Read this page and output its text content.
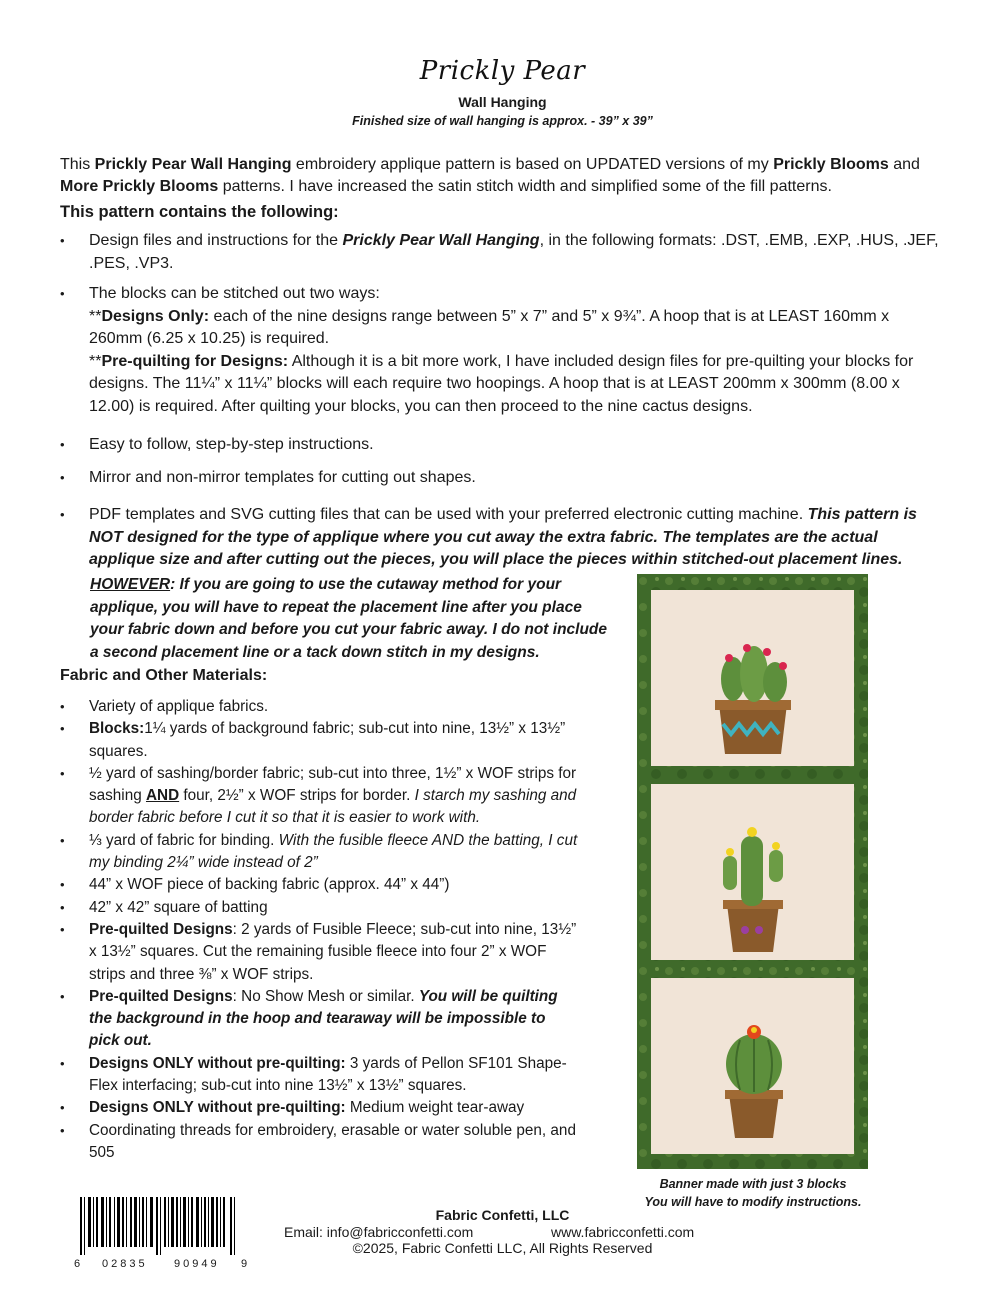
Prickly Pear
Wall Hanging
Finished size of wall hanging is approx. - 39” x 39”
This Prickly Pear Wall Hanging embroidery applique pattern is based on UPDATED versions of my Prickly Blooms and More Prickly Blooms patterns. I have increased the satin stitch width and simplified some of the fill patterns.
This pattern contains the following:
• Design files and instructions for the Prickly Pear Wall Hanging, in the following formats: .DST, .EMB, .EXP, .HUS, .JEF, .PES, .VP3.
• The blocks can be stitched out two ways:
**Designs Only: each of the nine designs range between 5” x 7” and 5” x 9¾”. A hoop that is at LEAST 160mm x 260mm (6.25 x 10.25) is required.
**Pre-quilting for Designs: Although it is a bit more work, I have included design files for pre-quilting your blocks for designs. The 11¼” x 11¼” blocks will each require two hoopings. A hoop that is at LEAST 200mm x 300mm (8.00 x 12.00) is required. After quilting your blocks, you can then proceed to the nine cactus designs.
• Easy to follow, step-by-step instructions.
• Mirror and non-mirror templates for cutting out shapes.
• PDF templates and SVG cutting files that can be used with your preferred electronic cutting machine. This pattern is NOT designed for the type of applique where you cut away the extra fabric. The templates are the actual applique size and after cutting out the pieces, you will place the pieces within stitched-out placement lines.
HOWEVER: If you are going to use the cutaway method for your applique, you will have to repeat the placement line after you place your fabric down and before you cut your fabric away. I do not include a second placement line or a tack down stitch in my designs.
Fabric and Other Materials:
• Variety of applique fabrics.
• Blocks:1¼ yards of background fabric; sub-cut into nine, 13½” x 13½” squares.
• ½ yard of sashing/border fabric; sub-cut into three, 1½” x WOF strips for sashing AND four, 2½” x WOF strips for border. I starch my sashing and border fabric before I cut it so that it is easier to work with.
• ⅓ yard of fabric for binding. With the fusible fleece AND the batting, I cut my binding 2¼” wide instead of 2”
• 44” x WOF piece of backing fabric (approx. 44” x 44”)
• 42” x 42” square of batting
• Pre-quilted Designs: 2 yards of Fusible Fleece; sub-cut into nine, 13½” x 13½” squares. Cut the remaining fusible fleece into four 2” x WOF strips and three ⅜” x WOF strips.
• Pre-quilted Designs: No Show Mesh or similar. You will be quilting the background in the hoop and tearaway will be impossible to pick out.
• Designs ONLY without pre-quilting: 3 yards of Pellon SF101 Shape-Flex interfacing; sub-cut into nine 13½” x 13½” squares.
• Designs ONLY without pre-quilting: Medium weight tear-away
• Coordinating threads for embroidery, erasable or water soluble pen, and 505
Banner made with just 3 blocks
You will have to modify instructions.
6 02835 90949 9
Fabric Confetti, LLC
Email: info@fabricconfetti.com	www.fabricconfetti.com
©2025, Fabric Confetti LLC, All Rights Reserved
